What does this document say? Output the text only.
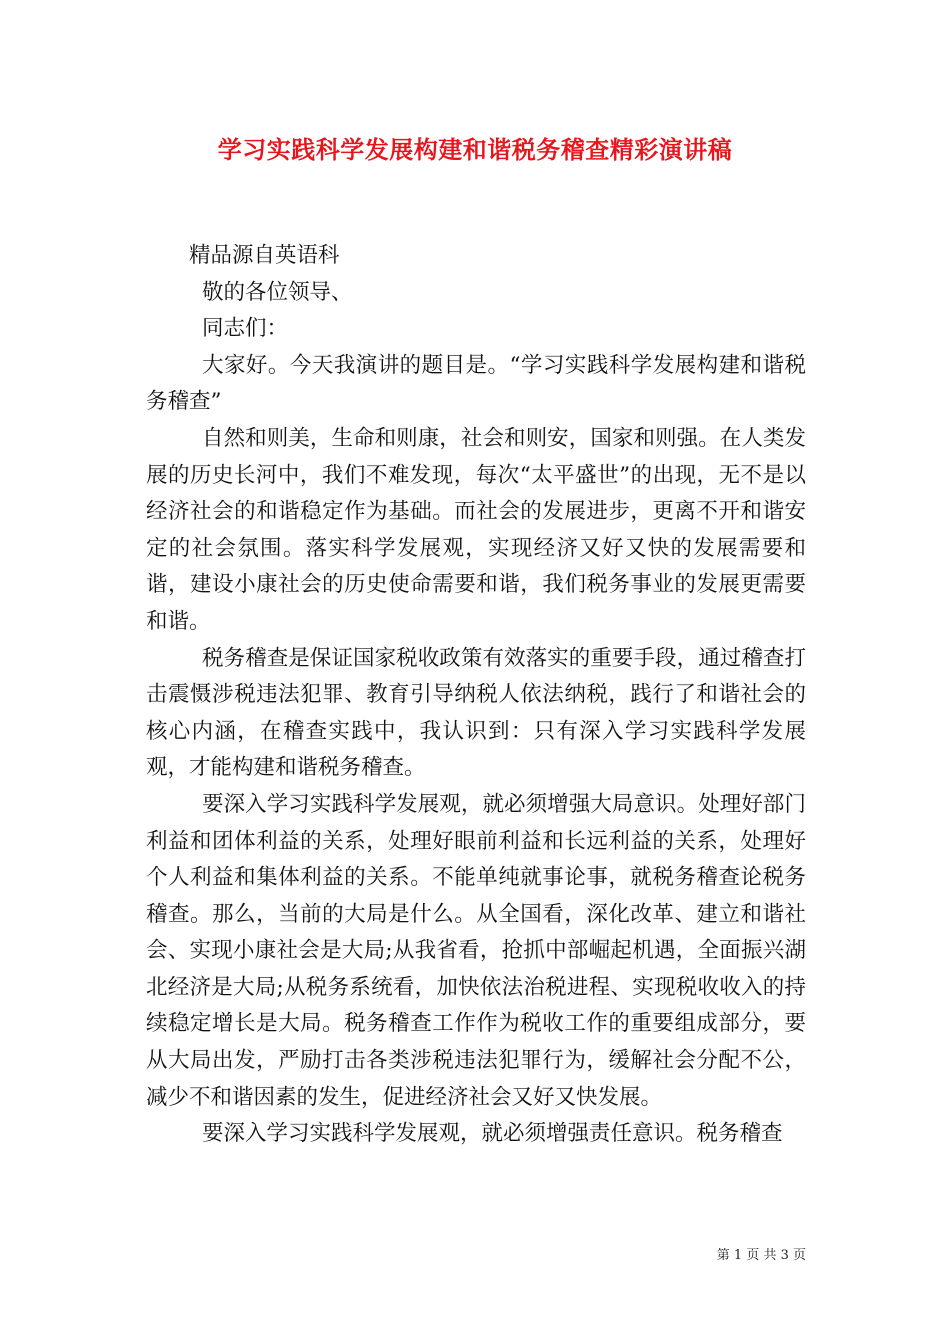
学习实践科学发展构建和谐税务稽查精彩演讲稿

精品源自英语科

敬的各位领导、

同志们：

大家好。今天我演讲的题目是。“学习实践科学发展构建和谐税务稽查”

自然和则美，生命和则康，社会和则安，国家和则强。在人类发展的历史长河中，我们不难发现，每次“太平盛世”的出现，无不是以经济社会的和谐稳定作为基础。而社会的发展进步，更离不开和谐安定的社会氛围。落实科学发展观，实现经济又好又快的发展需要和谐，建设小康社会的历史使命需要和谐，我们税务事业的发展更需要和谐。

税务稽查是保证国家税收政策有效落实的重要手段，通过稽查打击震慑涉税违法犯罪、教育引导纳税人依法纳税，践行了和谐社会的核心内涵，在稽查实践中，我认识到：只有深入学习实践科学发展观，才能构建和谐税务稽查。

要深入学习实践科学发展观，就必须增强大局意识。处理好部门利益和团体利益的关系，处理好眼前利益和长远利益的关系，处理好个人利益和集体利益的关系。不能单纯就事论事，就税务稽查论税务稽查。那么，当前的大局是什么。从全国看，深化改革、建立和谐社会、实现小康社会是大局;从我省看，抢抓中部崛起机遇，全面振兴湖北经济是大局;从税务系统看，加快依法治税进程、实现税收收入的持续稳定增长是大局。税务稽查工作作为税收工作的重要组成部分，要从大局出发，严励打击各类涉税违法犯罪行为，缓解社会分配不公，减少不和谐因素的发生，促进经济社会又好又快发展。

要深入学习实践科学发展观，就必须增强责任意识。税务稽查

第 1 页 共 3 页
